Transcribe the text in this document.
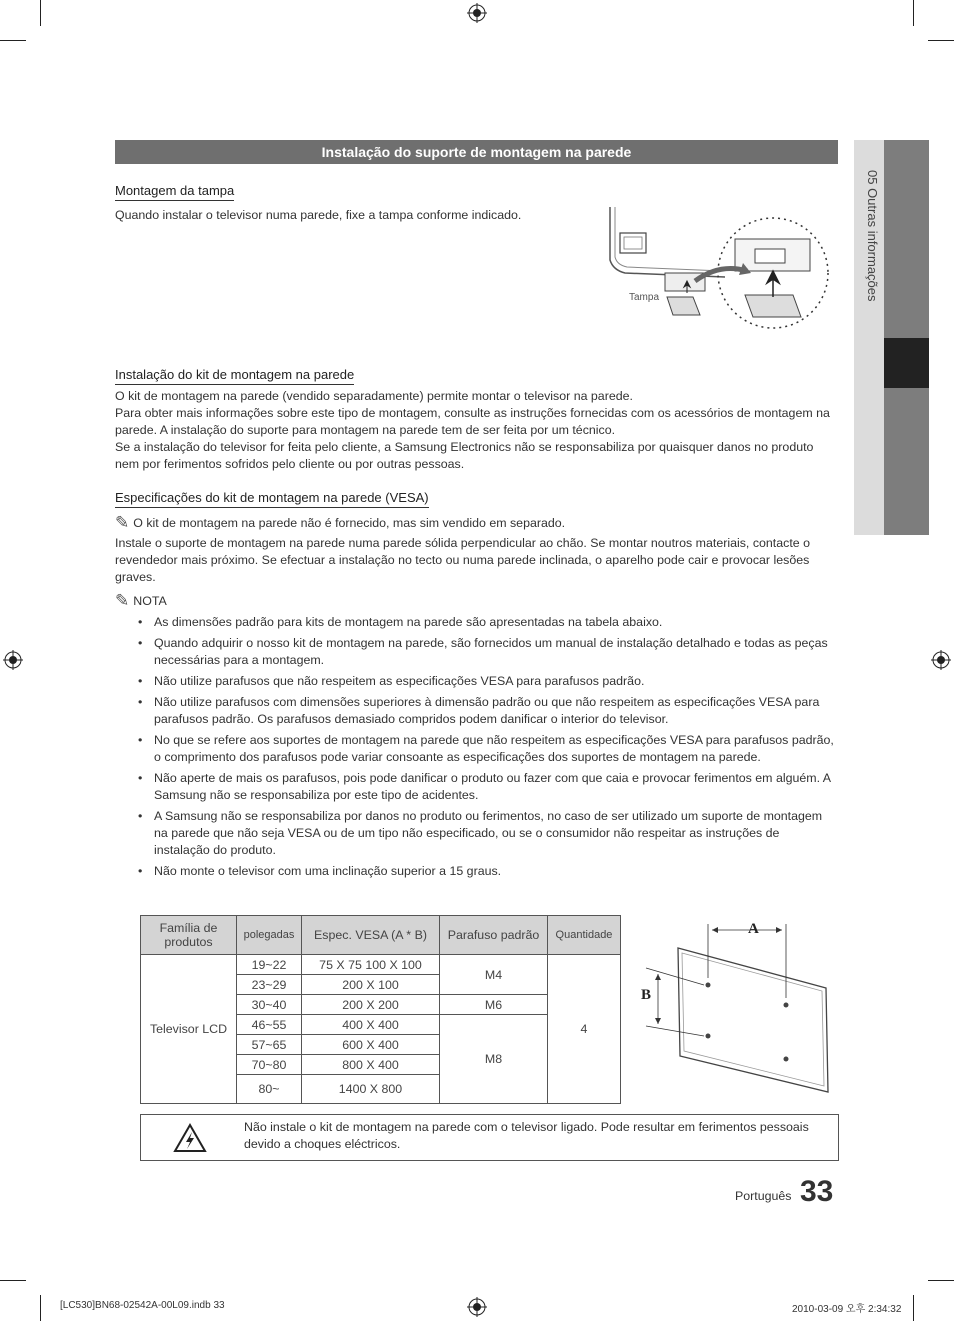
05 Outras informações
Instalação do suporte de montagem na parede
Montagem da tampa
Quando instalar o televisor numa parede, fixe a tampa conforme indicado.
Tampa
Instalação do kit de montagem na parede

O kit de montagem na parede (vendido separadamente) permite montar o televisor na parede.

Para obter mais informações sobre este tipo de montagem, consulte as instruções fornecidas com os acessórios de montagem na parede. A instalação do suporte para montagem na parede tem de ser feita por um técnico.

Se a instalação do televisor for feita pelo cliente, a Samsung Electronics não se responsabiliza por quaisquer danos no produto nem por ferimentos sofridos pelo cliente ou por outras pessoas.

Especificações do kit de montagem na parede (VESA)
✎ O kit de montagem na parede não é fornecido, mas sim vendido em separado.
Instale o suporte de montagem na parede numa parede sólida perpendicular ao chão. Se montar noutros materiais, contacte o revendedor mais próximo. Se efectuar a instalação no tecto ou numa parede inclinada, o aparelho pode cair e provocar lesões graves.
✎ NOTA
• As dimensões padrão para kits de montagem na parede são apresentadas na tabela abaixo.
• Quando adquirir o nosso kit de montagem na parede, são fornecidos um manual de instalação detalhado e todas as peças necessárias para a montagem.
• Não utilize parafusos que não respeitem as especificações VESA para parafusos padrão.
• Não utilize parafusos com dimensões superiores à dimensão padrão ou que não respeitem as especificações VESA para parafusos padrão. Os parafusos demasiado compridos podem danificar o interior do televisor.
• No que se refere aos suportes de montagem na parede que não respeitem as especificações VESA para parafusos padrão, o comprimento dos parafusos pode variar consoante as especificações dos suportes de montagem na parede.
• Não aperte de mais os parafusos, pois pode danificar o produto ou fazer com que caia e provocar ferimentos em alguém. A Samsung não se responsabiliza por este tipo de acidentes.
• A Samsung não se responsabiliza por danos no produto ou ferimentos, no caso de ser utilizado um suporte de montagem na parede que não seja VESA ou de um tipo não especificado, ou se o consumidor não respeitar as instruções de instalação do produto.
• Não monte o televisor com uma inclinação superior a 15 graus.
Família de produtos	polegadas	Espec. VESA (A * B)	Parafuso padrão	Quantidade
Televisor LCD	19~22	75 X 75 100 X 100	M4	4
	23~29	200 X 100		
	30~40	200 X 200	M6	
	46~55	400 X 400	M8	
	57~65	600 X 400		
	70~80	800 X 400		
	80~	1400 X 800		
A
B
Não instale o kit de montagem na parede com o televisor ligado. Pode resultar em ferimentos pessoais devido a choques eléctricos.
Português 33
[LC530]BN68-02542A-00L09.indb 33	2010-03-09 오후 2:34:32
